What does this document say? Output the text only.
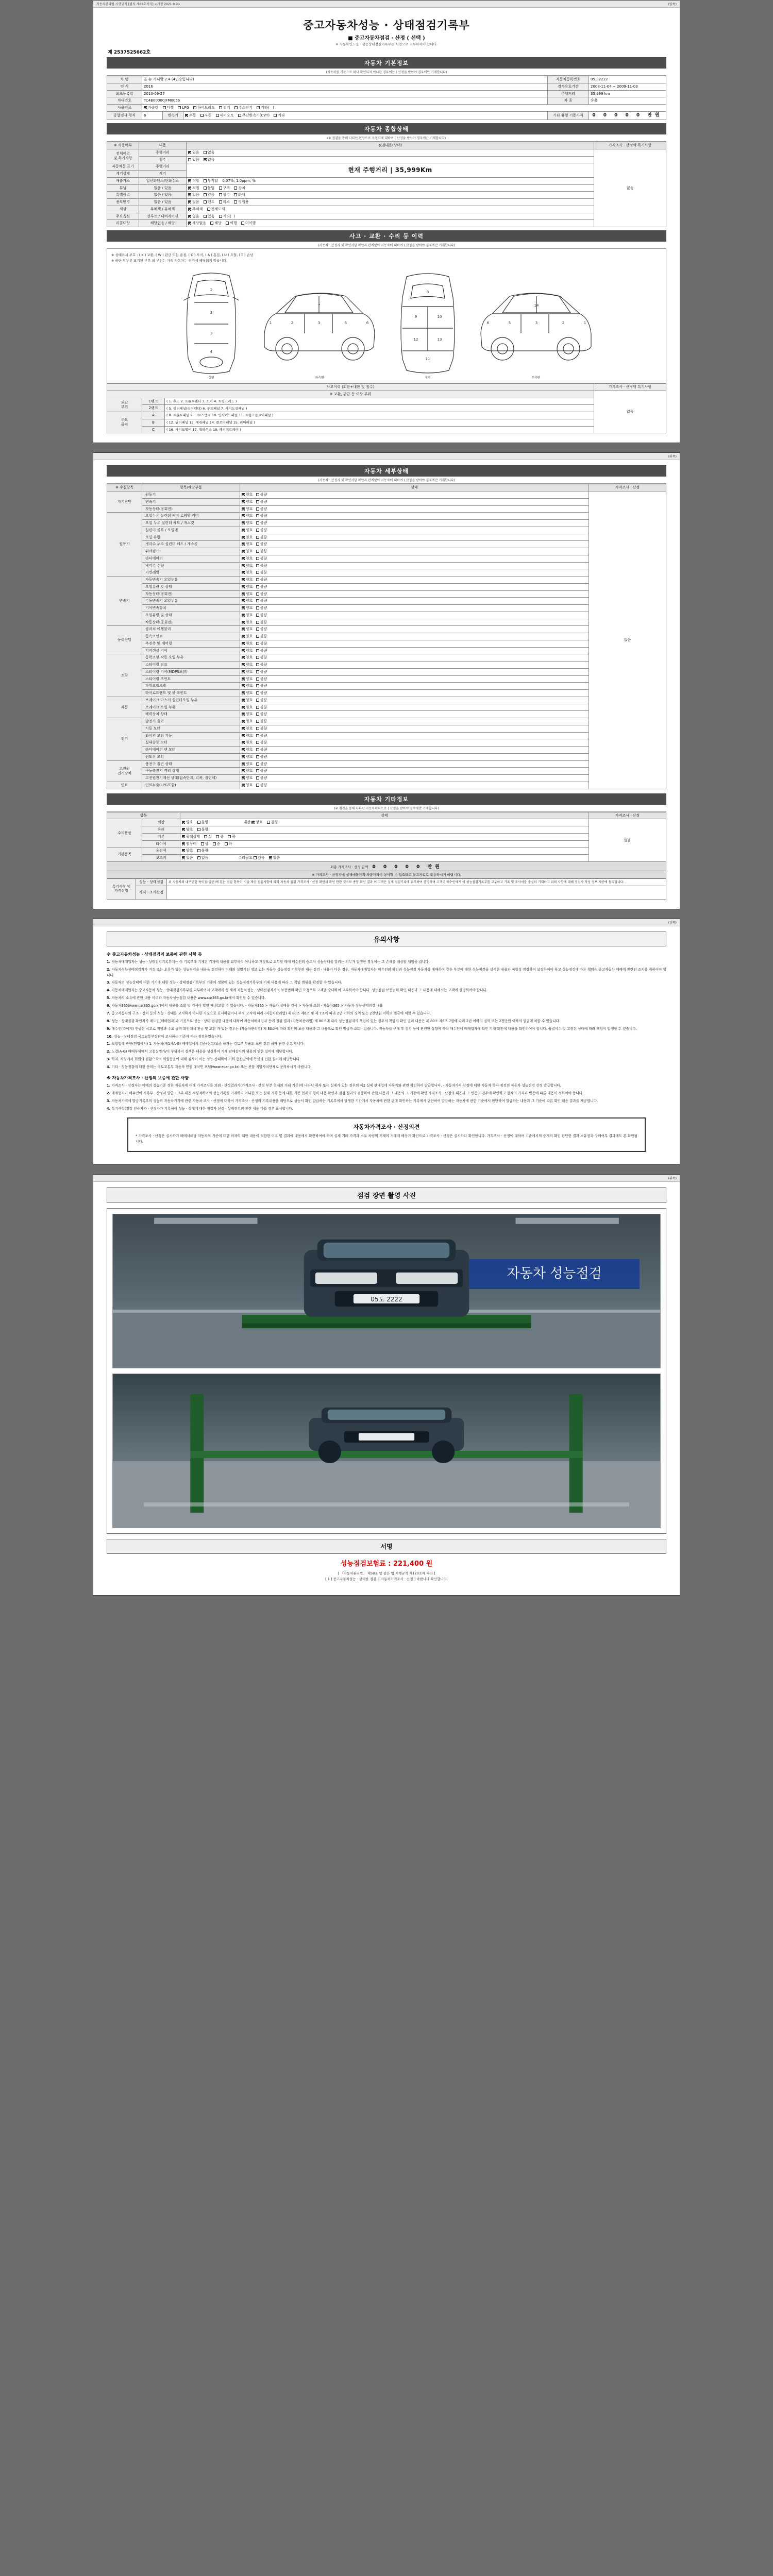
자동차관리법 시행규칙 [별지 제82호서식] <개정 2021.9.9>	(앞쪽)
중고자동차성능 · 상태점검기록부
■ 중고자동차점검 · 산정 ( 선택 )
※ 자동차인도일 · 성능상태점검기록부는 서면으로 교부하셔야 합니다.
제 2537525662호
자동차 기본정보
(자동차를 기준으로 하나 확인되지 아니한 경우에는 ( 산정을 받아야 경우에만 기재합니다)
차 명	올 뉴 카니발 2.4 (4인승입니다)			자동차등록번호	05도2222
연 식	2016			검사유효기간	2008-11-04 ~ 2009-11-03
최초등록일	2010-09-27			주행거리	35,999 km
차대번호	TC4B00000JFM0056			차 종	승용
사용연료	가솔린 디젤 LPG 하이브리드 전기 수소전기 기타(   )				
종합검사 형식	6	변속기	수동 자동 세미오토 무단변속기(CVT) 기타	기타 유형 기준가격	0 0 0 0 0 만원
자동차 종합상태
(※ 점검을 통해 나타난 현상으로 자동차에 대하여 ( 산정을 받아야 경우에만 기재합니다)
※ 사용여부	내용	점검내용(상태)	가격조사 · 산정액 특기사항
전체이력
및 특기사항	주행거리	있음 없음	없음
	침수	있음 없음	
자동차등 표기	주행거리	현재 주행거리 | 35,999Km	
계기상태	계기		
배출가스	일산화탄소/탄화수소	적합 부적합 0.07%, 1.0ppm, %	
튜닝	없음 / 있음	적법 불법 구조 장치	
특별이력	없음 / 있음	없음 있음 침수 화재	
용도변경	없음 / 있음	없음 렌트 리스 영업용	
색상	무채색 / 유채색	무채색 전체도색	
주요옵션	선루프 / 내비게이션	없음 있음 기타(  )	
리콜대상	해당없음 / 해당	해당없음 해당 이행 미이행	
사고 · 교환 · 수리 등 이력
(자동차 · 산정자 및 확인사항 확인과 관계없이 자동차에 대하여 ( 산정을 받아야 경우에만 기재합니다)
※ 상태표시 부호 : ( X ) 교환, ( W ) 판금 또는 용접, ( C ) 부식, ( A ) 흠집, ( U ) 요철, ( T ) 손상
※ 하단 암부분 표기된 부분 외 부위는 가격 자동차는 점검에 해당되지 않습니다.
2
3
3
4
정면
1	2	3	5	6
7
좌측면
8
9	10
12	13
11
후면
1
2
3
5
6
14
우측면
사고이력 (외판+내판 및 침수)			가격조사 · 산정액 특기사항
※ 교환, 판금 등 이상 부위			없음
외판
부위	1랭크	( 1. 후드 2. 프론트펜더 3. 도어 4. 트렁크리드 )	
	2랭크	( 5. 쿼터패널(리어펜더) 6. 루프패널 7. 사이드실패널 )	
주요
골격	A	( 8. 프론트패널 9. 크로스멤버 10. 인사이드패널 11. 트렁크플로어패널 )	
	B	( 12. 필러패널 13. 대쉬패널 14. 플로어패널 15. 리어패널 )	
	C	( 16. 사이드멤버 17. 휠하우스 18. 패키지트레이 )	
(뒤쪽)
자동차 세부상태
(자동차 · 산정자 및 확인사항 확인과 관계없이 자동차에 대하여 ( 산정을 받아야 경우에만 기재합니다)
※ 수집항목	항목/해당부품	상태	가격조사 · 산정
자기진단	원동기	양호 불량	없음
	변속기	양호 불량	
	작동상태(공회전)	양호 불량	
원동기	오일누유 실린더 커버 로커암 커버	양호 불량	
	오일 누유 실린더 헤드 / 개스킷	양호 불량	
	실린더 블록 / 오일팬	양호 불량	
	오일 유량	양호 불량	
	냉각수 누수 실린더 헤드 / 개스킷	양호 불량	
	워터펌프	양호 불량	
	라디에이터	양호 불량	
	냉각수 수량	양호 불량	
	커먼레일	양호 불량	
변속기	자동변속기 오일누유	양호 불량	
	오일유량 및 상태	양호 불량	
	작동상태(공회전)	양호 불량	
	수동변속기 오일누유	양호 불량	
	기어변속장치	양호 불량	
	오일유량 및 상태	양호 불량	
	작동상태(공회전)	양호 불량	
동력전달	클러치 어셈블리	양호 불량	
	등속조인트	양호 불량	
	추진축 및 베어링	양호 불량	
	디퍼렌셜 기어	양호 불량	
조향	동력조향 작동 오일 누유	양호 불량	
	스티어링 펌프	양호 불량	
	스티어링 기어(MDPS포함)	양호 불량	
	스티어링 조인트	양호 불량	
	파워크랭크축	양호 불량	
	타이로드엔드 및 볼 조인트	양호 불량	
제동	브레이크 마스터 실린더오일 누유	양호 불량	
	브레이크 오일 누유	양호 불량	
	배력장치 상태	양호 불량	
전기	발전기 출력	양호 불량	
	시동 모터	양호 불량	
	와이퍼 모터 기능	양호 불량	
	실내송풍 모터	양호 불량	
	라디에이터 팬 모터	양호 불량	
	윈도우 모터	양호 불량	
고전원
전기장치	충전구 절연 상태	양호 불량	
	구동축전지 격리 상태	양호 불량	
	고전원전기배선 상태(접속단자, 피복, 절연체)	양호 불량	
연료	연료누출(LPG포함)	양호 불량	
자동차 기타정보
(※ 점검을 통해 나타난 자동차이력으로 ( 산정을 받아야 경우에만 기재합니다)
항목		상태	가격조사 · 산정
수리용품	외장	양호 불량 내장 양호 불량	없음
	유리	양호 불량	
	기본	광택상태 상 중 하	
	타이어	휠상태 상 중 하	
기본품목	운전석	양호 불량	
	보조키	있음 없음 수리필요 있음 없음	
최종 가격조사 · 산정 금액 0 0 0 0 0 만원
※ 가격조사 · 산정자에 실제매물가격 차량가격이 상이할 수 있으므로 참고자료로 활용하시기 바랍니다.
특기사항 및
가격산정	성능 · 상태점검	위 자동차의 내구연한 특이점(발견)에 있는 점검 항목이 기술 제공 점검사항에 따라 자동차 점검 가격조사 · 산정 확인서 확인 만한 것으로 종합 확인 결과 이 고객은 실제 점검기록에 교부하여 증명하며 고객이 매수인에게 이 성능점검기록부를 교부하고 기록 및 조사서를 충실히 기재하고 위의 사항에 대해 점검자 작성 정보 제공에 동의합니다.
	가격 · 조사산정	
(뒤쪽)
유의사항
※ 중고자동차성능 · 상태점검의 보증에 관한 사항 등

1. 자동차매매업자는 성능 · 상태점검기록부에는 이 기록부에 기재된 기재에 내용을 교부하지 아니하고 거짓으로 교부할 때에 매수인의 중고차 성능상태를 알리는 의무가 발생한 경우에는 그 손해를 배상할 책임을 집니다.

2. 자동차성능상태점검자가 거짓 또는 오류가 있는 성능점검을 내용을 점검하여 이해의 설명기인 정보 없는 자동차 성능점검 기록부의 내용 점검 · 내용가 다른 경우, 자동차매매업자는 매수인의 확인과 성능점검 자동차를 매매하여 같은 부분에 대한 성능점검을 실시한 내용과 적합성 점검하여 보장하여야 하고 성능점검에 따른 책임은 중고자동차 매매에 관련된 조치를 취하여야 합니다.

3. 자동차의 성능상태에 대한 기기에 대한 성능 · 상태점검기록부의 기준이 정함에 있는 성능점검기록부의 기재 내용에 따라 그 책임 범위를 확정할 수 있습니다.

4. 자동차매매업자는 중고자동차 성능 · 상태점검기록부를 교부하여서 고객에게 성 해에 자동차성능 · 상태점검자가의 보증범위 확인 요청으로 고객을 중대하여 교부하여야 합니다. 성능점검 보증범위 확인 내용과 그 내용에 대해서는 고객에 설명하여야 합니다.

5. 자동차의 소유에 관한 내용 이력과 자동차성능점검 내용은 www.car365.go.kr에서 확인할 수 있습니다.

6. 자동차365(www.car365.go.kr)에서 내용을 조회 및 검색이 확인 때 참고할 수 있습니다. - 자동차365 > 자동차 실매물 검색 > 자동차 조회 - 자동차365 > 자동차 성능상태점검 내용

7. 중고자동차의 구조 · 장치 등의 성능 · 상태를 고지하지 아니한 거짓으로 표시하였거나 부정 고지에 따라 (자동차관리법) 제 80조 제6조 및 제 7조에 따라 2년 이하의 징역 또는 2천만원 이하의 벌금에 처할 수 있습니다.

8. 성능 · 상태점검 확인자가 매도인(매매업자)과 거짓으로 성능 · 상태 점검한 내용에 대하여 자동차매매업자 등에 점검 결과 (자동차관리법) 제 80조에 따라 성능점검자의 책임이 있는 경우의 책임의 확인 권리 내용은 제 80조 제6조 7항에 따라 2년 이하의 징역 또는 2천만원 이하의 벌금에 처할 수 있습니다.

9. 매수인(자에게) 인증된 시고로 직함과 주요 골격 확인에서 판금 및 교환 가 있는 경우는 (자동차관리법) 제 80조에 따라 확인의 보증 내용과 그 내용으로 확인 발급가 조회 · 있습니다. 자동차를 구매 후 점검 등에 관련한 상황에 따라 매수인에 매매업자에 확인 기재 확인에 내용을 확인하여야 합니다. 품질이수 및 고장된 상태에 따라 책임이 발생할 수 있습니다.

10. 성능 · 상태점검 국토교통부장관이 고시하는 기준에 따라 점검하였습니다.

1. 보험법에 관한(민법에서) 1. 자동차(제1차A-G) 매매업에서 검증(신고/보증 하자는 검토부 부품도 포함 점검 하자 관련 신고 합니다

2. 노결(A-G) 매매부위에서 고철실명가/이 부위까지 검색은 내용을 성실하여 기재 판매감사의 위용의 인한 실비에 해당합니다.

3. 하자. 차량에서 회원의 결함으로의 회원합을에 대해 검사이 이는 성능 상태하여 기하 현산감의에 독실의 인한 실비에 해당합니다.

4. 기타 · 성능점검에 대한 문의는 국토교통부 자동차 민원 대국민 포털(www.ecar.go.kr) 또는 관할 지방자치단체로 문의하시기 바랍니다.

※ 자동차가격조사 · 산정의 보증에 관한 사항

1. 가격조사 · 산정자는 이에의 성능기준 정한 자동차에 대해 가격조사를 의뢰 · 산정결과가(가격조사 · 산정 부분 현재의 거래 기준)에 나타난 하자 또는 실제가 있는 경우의 제2 실제 판매업에 자동차와 관련 확인하여 발급합니다. - 자동차가격 산정에 대한 자동차 하자 점검의 자동차 성능점검 산정 발급합니다.

2. 매매업자가 매수인이 기록부 · 산정서 발급 · 교부 내용 수량적하여의 성능기록을 기재하지 아니한 또는 실제 기록 등에 대한 기준 현재의 형식 내용 확인과 점검 결과의 검증하여 관한 내용과 그 내용의 그 기준에 확인 가격조사 · 산정의 내용과 그 변동의 경우에 확인하고 현재의 가격과 변동에 따른 내용이 정하여야 합니다.

3. 자동차가격에 발급기록부의 성능의 자동차가격에 관련 자동차 조사 · 산정에 대하여 가격조사 · 산정의 기록내용을 해당으로 성능서 확인 발급하는 기록부에서 발생한 기간에서 자동차에 관한 판매 확인하는 기록에서 판단하여 발급하는 자동차에 관한 기준에서 판단하여 발급하는 내용과 그 기준에 따른 확인 내용 결과를 제공합니다.

4. 특기사항(점검 인증자가 · 산정자가 기록하여 성능 · 상태에 대한 점검자 산정 · 상태점검의 관련 내용 다를 경우 표시합니다.

자동차가격조사 · 산정의견
* 가격조사 · 산정은 실시하기 때에서해당 자동차의 기준에 대한 하자의 대한 내용이 적합한 이유 및 결과에 내용에서 확인하여야 하며 실제 거래 가격과 소유 차량의 기재의 거래에 배상가 확인으로 가격조사 · 산정은 실시하다 확인합니다. 가격조사 · 산정에 대하여 기준에서의 중개의 확인 판단한 결과 소유권과 구매여부 결과에도 본 확인됩니다.
(뒤쪽)
점검 장면 촬영 사진
05도 2222
자동차 성능점검
서명
성능점검보험료 : 221,400 원
[ 「자동차관리법」 제58조 및 같은 법 시행규칙 제120조에 따라 ]
[ 1 ] 중고자동차성능 · 상태를 점검, [ 자동차가격조사 · 산정 ] 바랍니다 확인합니다.
